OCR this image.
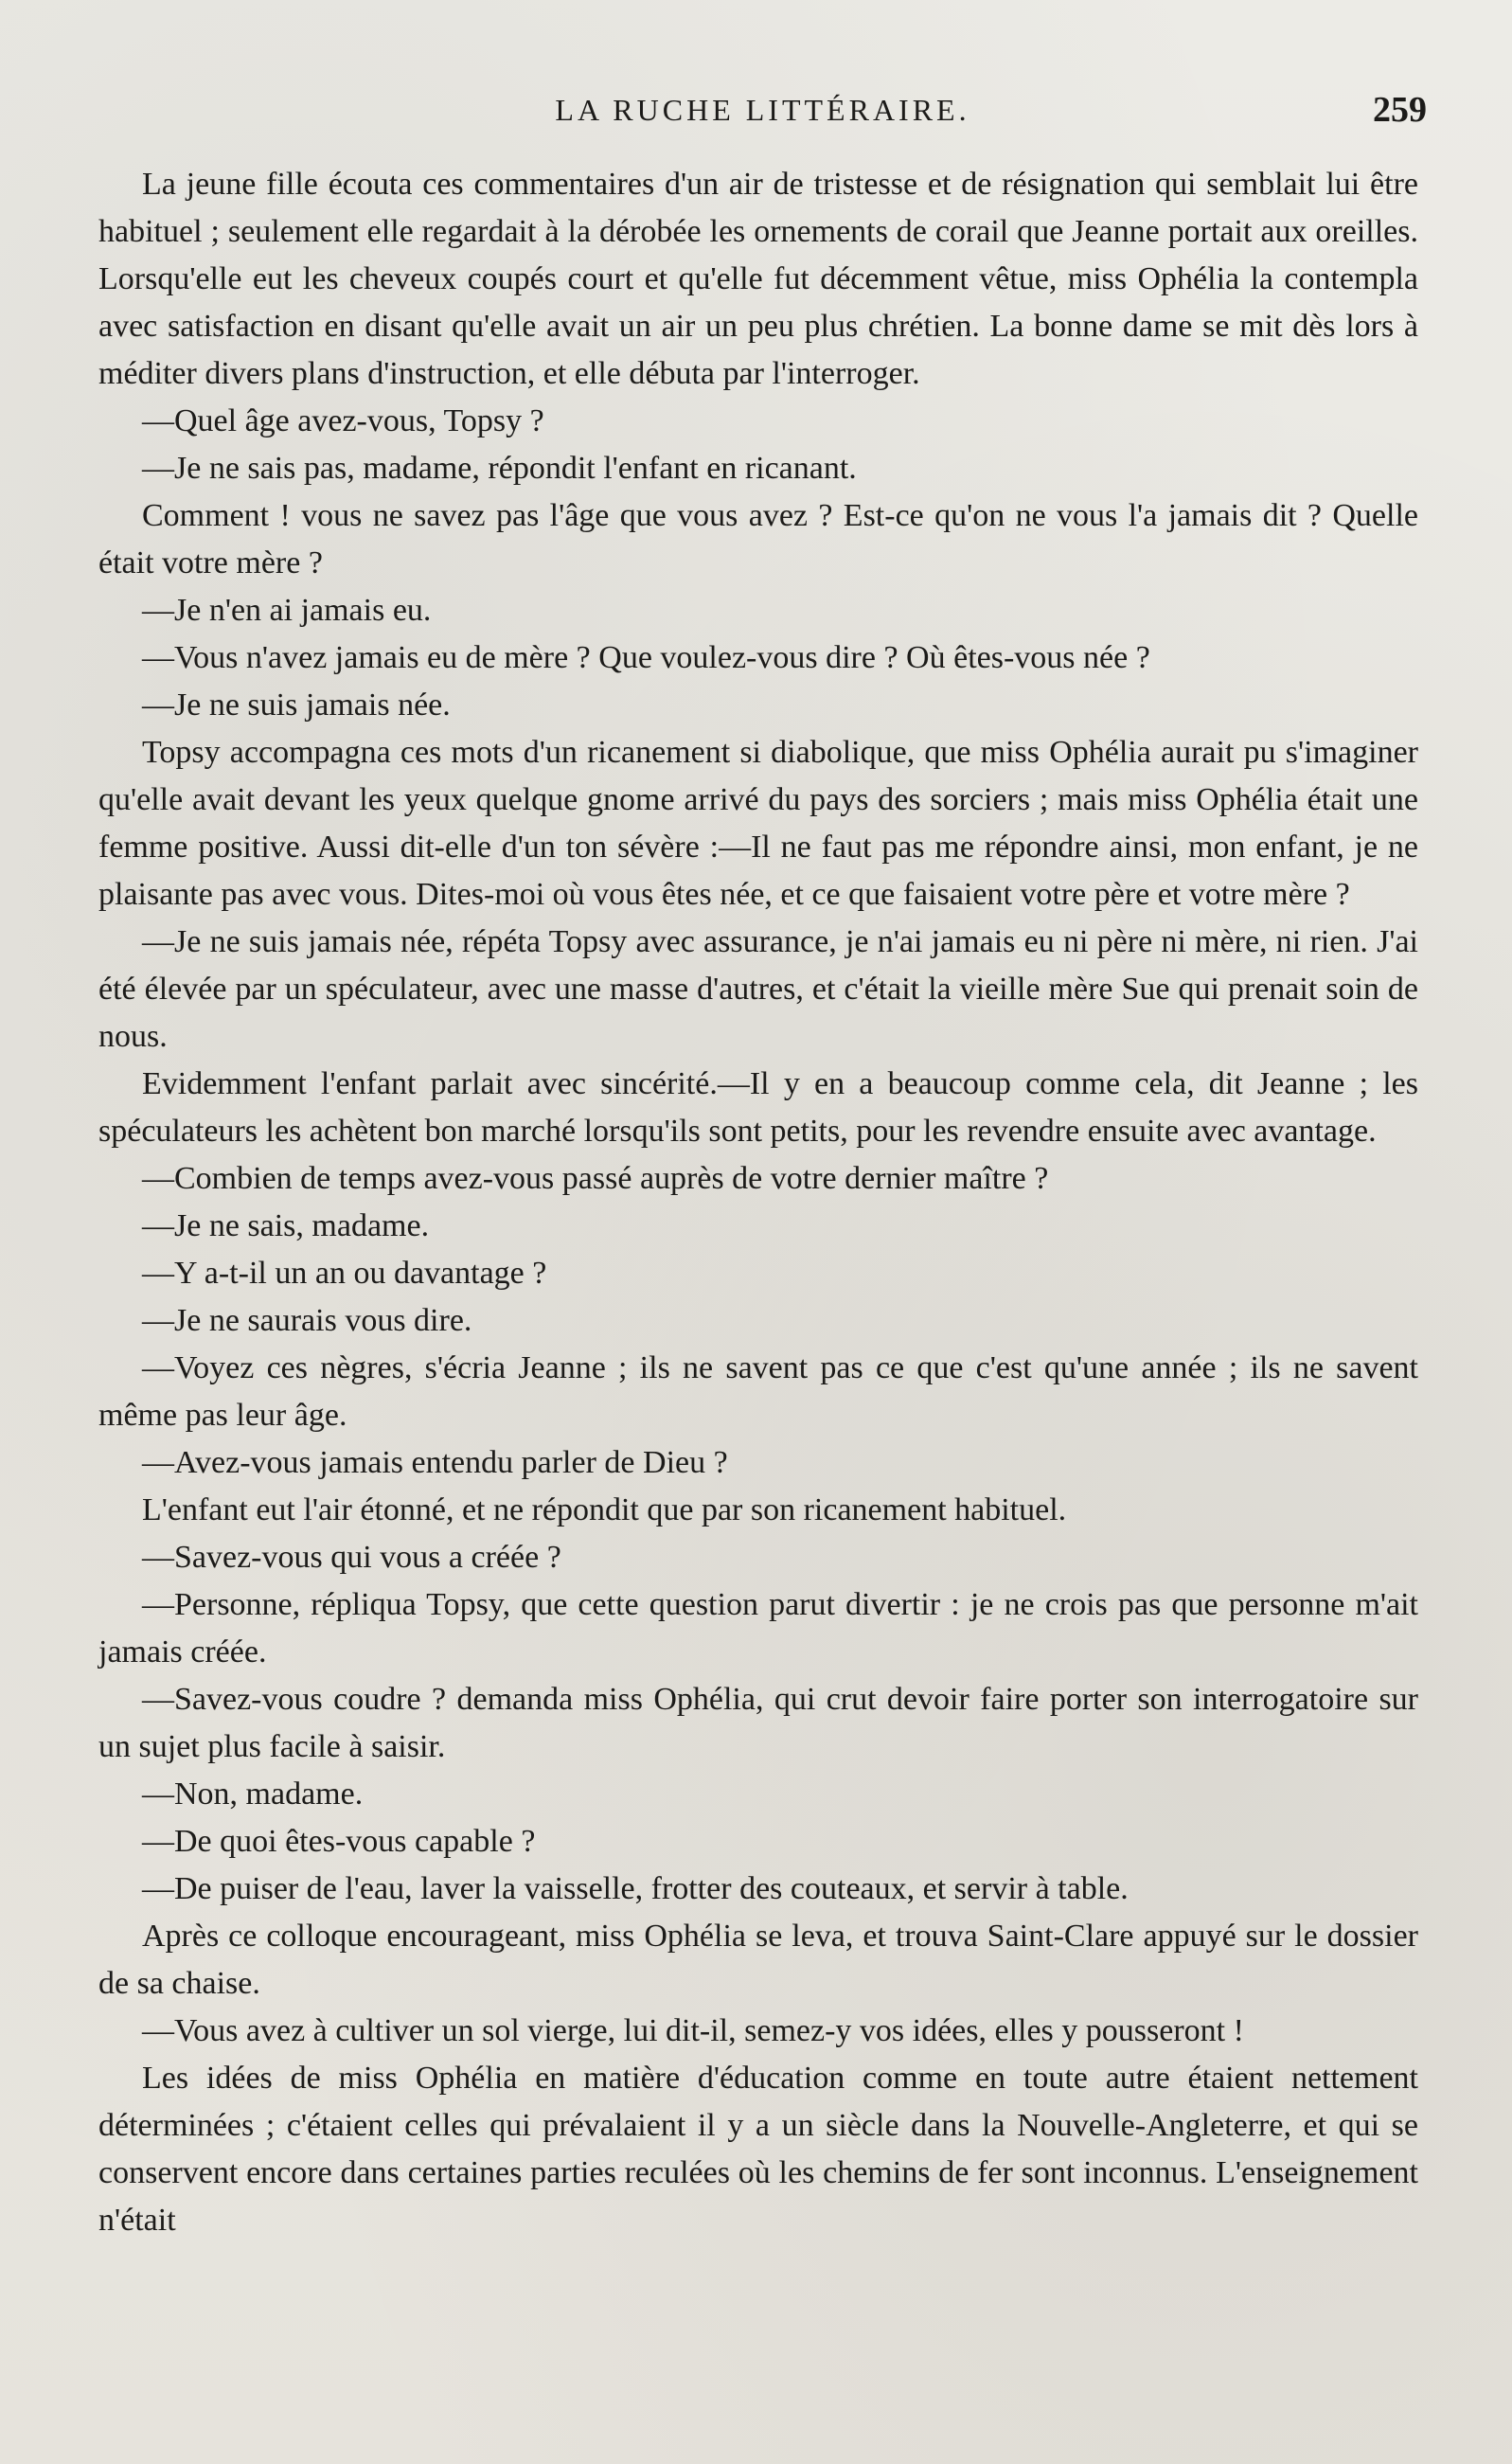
LA RUCHE LITTÉRAIRE.	259

La jeune fille écouta ces commentaires d'un air de tristesse et de résignation qui semblait lui être habituel ; seulement elle regardait à la dérobée les ornements de corail que Jeanne portait aux oreilles. Lorsqu'elle eut les cheveux coupés court et qu'elle fut décemment vêtue, miss Ophélia la contempla avec satisfaction en disant qu'elle avait un air un peu plus chrétien. La bonne dame se mit dès lors à méditer divers plans d'instruction, et elle débuta par l'interroger.

—Quel âge avez-vous, Topsy ?

—Je ne sais pas, madame, répondit l'enfant en ricanant.

Comment ! vous ne savez pas l'âge que vous avez ? Est-ce qu'on ne vous l'a jamais dit ? Quelle était votre mère ?

—Je n'en ai jamais eu.

—Vous n'avez jamais eu de mère ? Que voulez-vous dire ? Où êtes-vous née ?

—Je ne suis jamais née.

Topsy accompagna ces mots d'un ricanement si diabolique, que miss Ophélia aurait pu s'imaginer qu'elle avait devant les yeux quelque gnome arrivé du pays des sorciers ; mais miss Ophélia était une femme positive. Aussi dit-elle d'un ton sévère :—Il ne faut pas me répondre ainsi, mon enfant, je ne plaisante pas avec vous. Dites-moi où vous êtes née, et ce que faisaient votre père et votre mère ?

—Je ne suis jamais née, répéta Topsy avec assurance, je n'ai jamais eu ni père ni mère, ni rien. J'ai été élevée par un spéculateur, avec une masse d'autres, et c'était la vieille mère Sue qui prenait soin de nous.

Evidemment l'enfant parlait avec sincérité.—Il y en a beaucoup comme cela, dit Jeanne ; les spéculateurs les achètent bon marché lorsqu'ils sont petits, pour les revendre ensuite avec avantage.

—Combien de temps avez-vous passé auprès de votre dernier maître ?

—Je ne sais, madame.

—Y a-t-il un an ou davantage ?

—Je ne saurais vous dire.

—Voyez ces nègres, s'écria Jeanne ; ils ne savent pas ce que c'est qu'une année ; ils ne savent même pas leur âge.

—Avez-vous jamais entendu parler de Dieu ?

L'enfant eut l'air étonné, et ne répondit que par son ricanement habituel.

—Savez-vous qui vous a créée ?

—Personne, répliqua Topsy, que cette question parut divertir : je ne crois pas que personne m'ait jamais créée.

—Savez-vous coudre ? demanda miss Ophélia, qui crut devoir faire porter son interrogatoire sur un sujet plus facile à saisir.

—Non, madame.

—De quoi êtes-vous capable ?

—De puiser de l'eau, laver la vaisselle, frotter des couteaux, et servir à table.

Après ce colloque encourageant, miss Ophélia se leva, et trouva Saint-Clare appuyé sur le dossier de sa chaise.

—Vous avez à cultiver un sol vierge, lui dit-il, semez-y vos idées, elles y pousseront !

Les idées de miss Ophélia en matière d'éducation comme en toute autre étaient nettement déterminées ; c'étaient celles qui prévalaient il y a un siècle dans la Nouvelle-Angleterre, et qui se conservent encore dans certaines parties reculées où les chemins de fer sont inconnus. L'enseignement n'était
